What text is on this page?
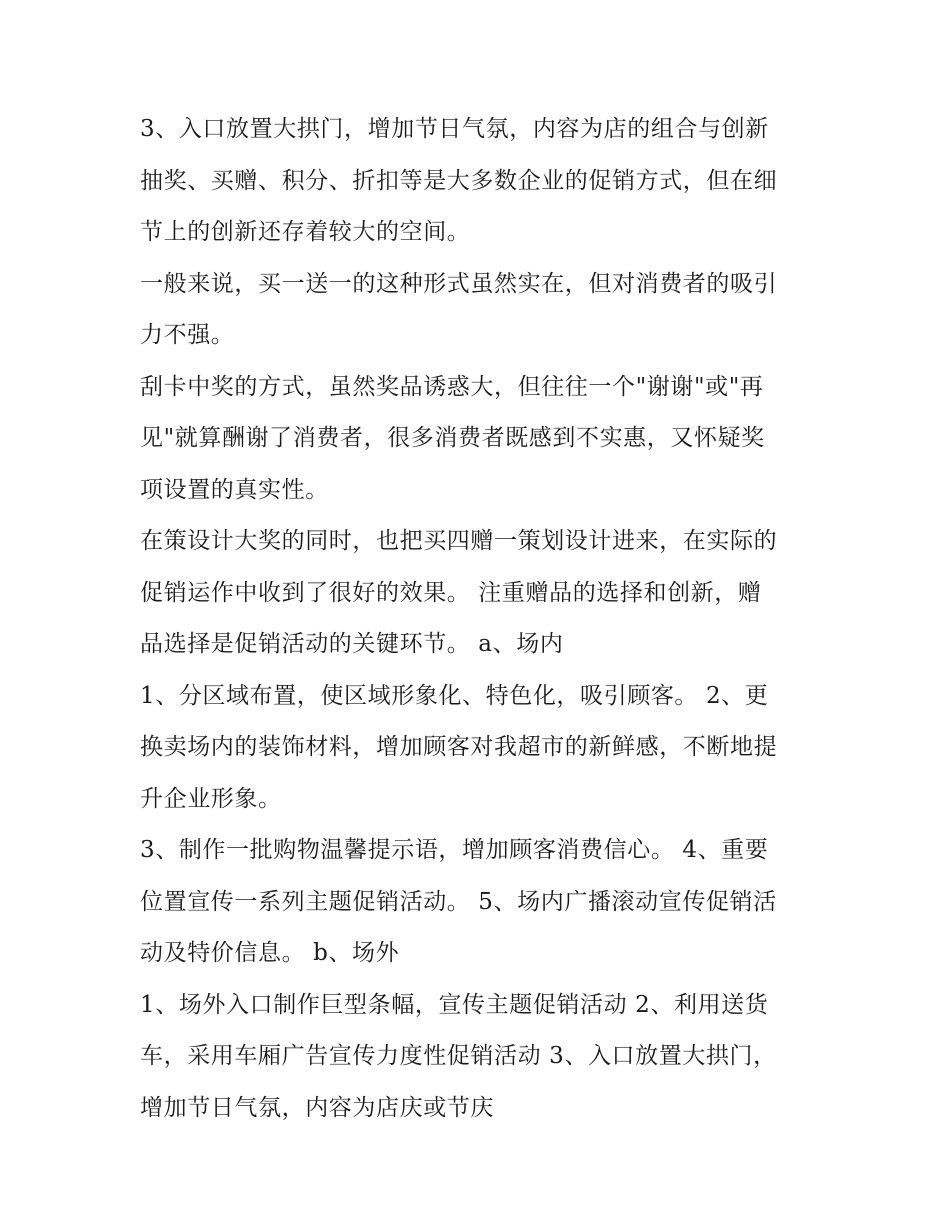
3、入口放置大拱门，增加节日气氛，内容为店的组合与创新
抽奖、买赠、积分、折扣等是大多数企业的促销方式，但在细
节上的创新还存着较大的空间。

一般来说，买一送一的这种形式虽然实在，但对消费者的吸引
力不强。

刮卡中奖的方式，虽然奖品诱惑大，但往往一个"谢谢"或"再
见"就算酬谢了消费者，很多消费者既感到不实惠，又怀疑奖
项设置的真实性。

在策设计大奖的同时，也把买四赠一策划设计进来，在实际的
促销运作中收到了很好的效果。 注重赠品的选择和创新，赠
品选择是促销活动的关键环节。 a、场内

1、分区域布置，使区域形象化、特色化，吸引顾客。 2、更
换卖场内的装饰材料，增加顾客对我超市的新鲜感，不断地提
升企业形象。

3、制作一批购物温馨提示语，增加顾客消费信心。 4、重要
位置宣传一系列主题促销活动。 5、场内广播滚动宣传促销活
动及特价信息。 b、场外

1、场外入口制作巨型条幅，宣传主题促销活动 2、利用送货
车，采用车厢广告宣传力度性促销活动 3、入口放置大拱门，
增加节日气氛，内容为店庆或节庆
